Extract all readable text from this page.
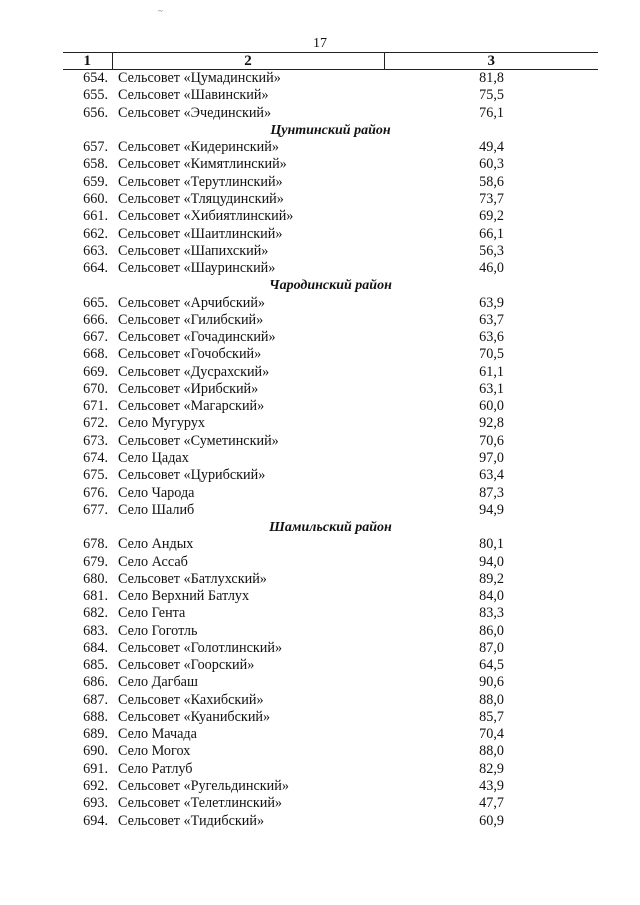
~
17
1	2	3
654.	Сельсовет «Цумадинский»	81,8
655.	Сельсовет «Шавинский»	75,5
656.	Сельсовет «Эчединский»	76,1
Цунтинский район		
657.	Сельсовет «Кидеринский»	49,4
658.	Сельсовет «Кимятлинский»	60,3
659.	Сельсовет «Терутлинский»	58,6
660.	Сельсовет «Тляцудинский»	73,7
661.	Сельсовет «Хибиятлинский»	69,2
662.	Сельсовет «Шаитлинский»	66,1
663.	Сельсовет «Шапихский»	56,3
664.	Сельсовет «Шауринский»	46,0
Чародинский район		
665.	Сельсовет «Арчибский»	63,9
666.	Сельсовет «Гилибский»	63,7
667.	Сельсовет «Гочадинский»	63,6
668.	Сельсовет «Гочобский»	70,5
669.	Сельсовет «Дусрахский»	61,1
670.	Сельсовет «Ирибский»	63,1
671.	Сельсовет «Магарский»	60,0
672.	Село Мугурух	92,8
673.	Сельсовет «Суметинский»	70,6
674.	Село Цадах	97,0
675.	Сельсовет «Цурибский»	63,4
676.	Село Чарода	87,3
677.	Село Шалиб	94,9
Шамильский район		
678.	Село Андых	80,1
679.	Село Ассаб	94,0
680.	Сельсовет «Батлухский»	89,2
681.	Село Верхний Батлух	84,0
682.	Село Гента	83,3
683.	Село Гоготль	86,0
684.	Сельсовет «Голотлинский»	87,0
685.	Сельсовет «Гоорский»	64,5
686.	Село Дагбаш	90,6
687.	Сельсовет «Кахибский»	88,0
688.	Сельсовет «Куанибский»	85,7
689.	Село Мачада	70,4
690.	Село Могох	88,0
691.	Село Ратлуб	82,9
692.	Сельсовет «Ругельдинский»	43,9
693.	Сельсовет «Телетлинский»	47,7
694.	Сельсовет «Тидибский»	60,9
